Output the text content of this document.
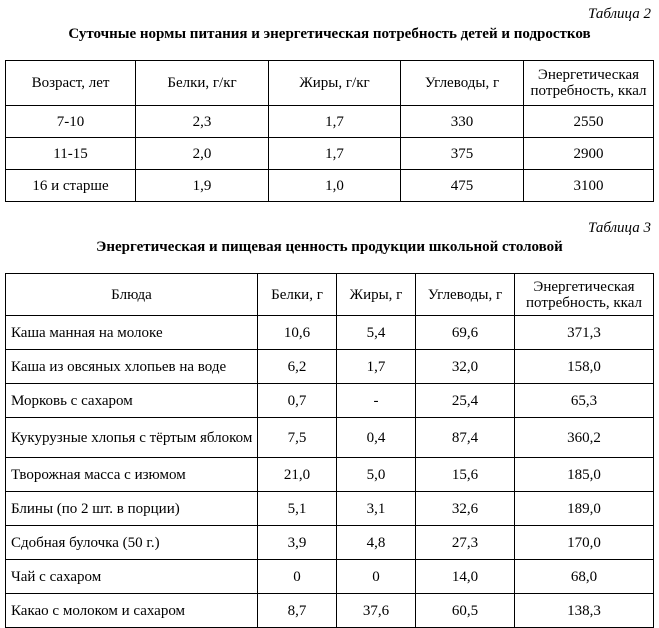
Таблица 2
Суточные нормы питания и энергетическая потребность детей и подростков
Возраст, лет	Белки, г/кг	Жиры, г/кг	Углеводы, г	Энергетическая потребность, ккал
7-10	2,3	1,7	330	2550
11-15	2,0	1,7	375	2900
16 и старше	1,9	1,0	475	3100
Таблица 3
Энергетическая и пищевая ценность продукции школьной столовой
Блюда	Белки, г	Жиры, г	Углеводы, г	Энергетическая потребность, ккал
Каша манная на молоке	10,6	5,4	69,6	371,3
Каша из овсяных хлопьев на воде	6,2	1,7	32,0	158,0
Морковь с сахаром	0,7	-	25,4	65,3
Кукурузные хлопья с тёртым яблоком	7,5	0,4	87,4	360,2
Творожная масса с изюмом	21,0	5,0	15,6	185,0
Блины (по 2 шт. в порции)	5,1	3,1	32,6	189,0
Сдобная булочка (50 г.)	3,9	4,8	27,3	170,0
Чай с сахаром	0	0	14,0	68,0
Какао с молоком и сахаром	8,7	37,6	60,5	138,3
